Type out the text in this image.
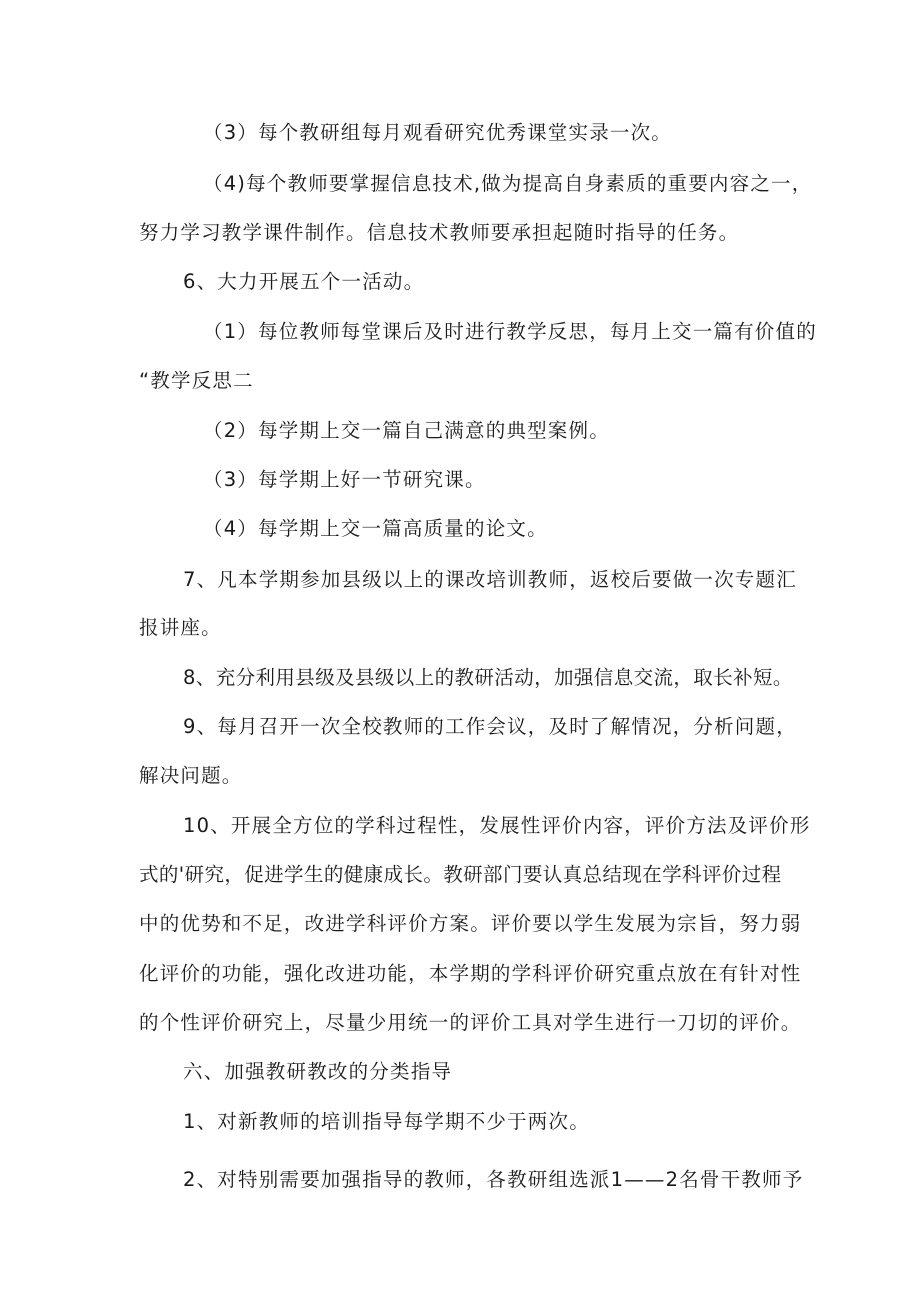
（3）每个教研组每月观看研究优秀课堂实录一次。
（4)每个教师要掌握信息技术,做为提高自身素质的重要内容之一，
努力学习教学课件制作。信息技术教师要承担起随时指导的任务。
6、大力开展五个一活动。
（1）每位教师每堂课后及时进行教学反思，每月上交一篇有价值的
“教学反思二
（2）每学期上交一篇自己满意的典型案例。
（3）每学期上好一节研究课。
（4）每学期上交一篇高质量的论文。
7、凡本学期参加县级以上的课改培训教师，返校后要做一次专题汇
报讲座。
8、充分利用县级及县级以上的教研活动，加强信息交流，取长补短。
9、每月召开一次全校教师的工作会议，及时了解情况，分析问题，
解决问题。
10、开展全方位的学科过程性，发展性评价内容，评价方法及评价形
式的'研究，促进学生的健康成长。教研部门要认真总结现在学科评价过程
中的优势和不足，改进学科评价方案。评价要以学生发展为宗旨，努力弱
化评价的功能，强化改进功能，本学期的学科评价研究重点放在有针对性
的个性评价研究上，尽量少用统一的评价工具对学生进行一刀切的评价。
六、加强教研教改的分类指导
1、对新教师的培训指导每学期不少于两次。
2、对特别需要加强指导的教师，各教研组选派1——2名骨干教师予
